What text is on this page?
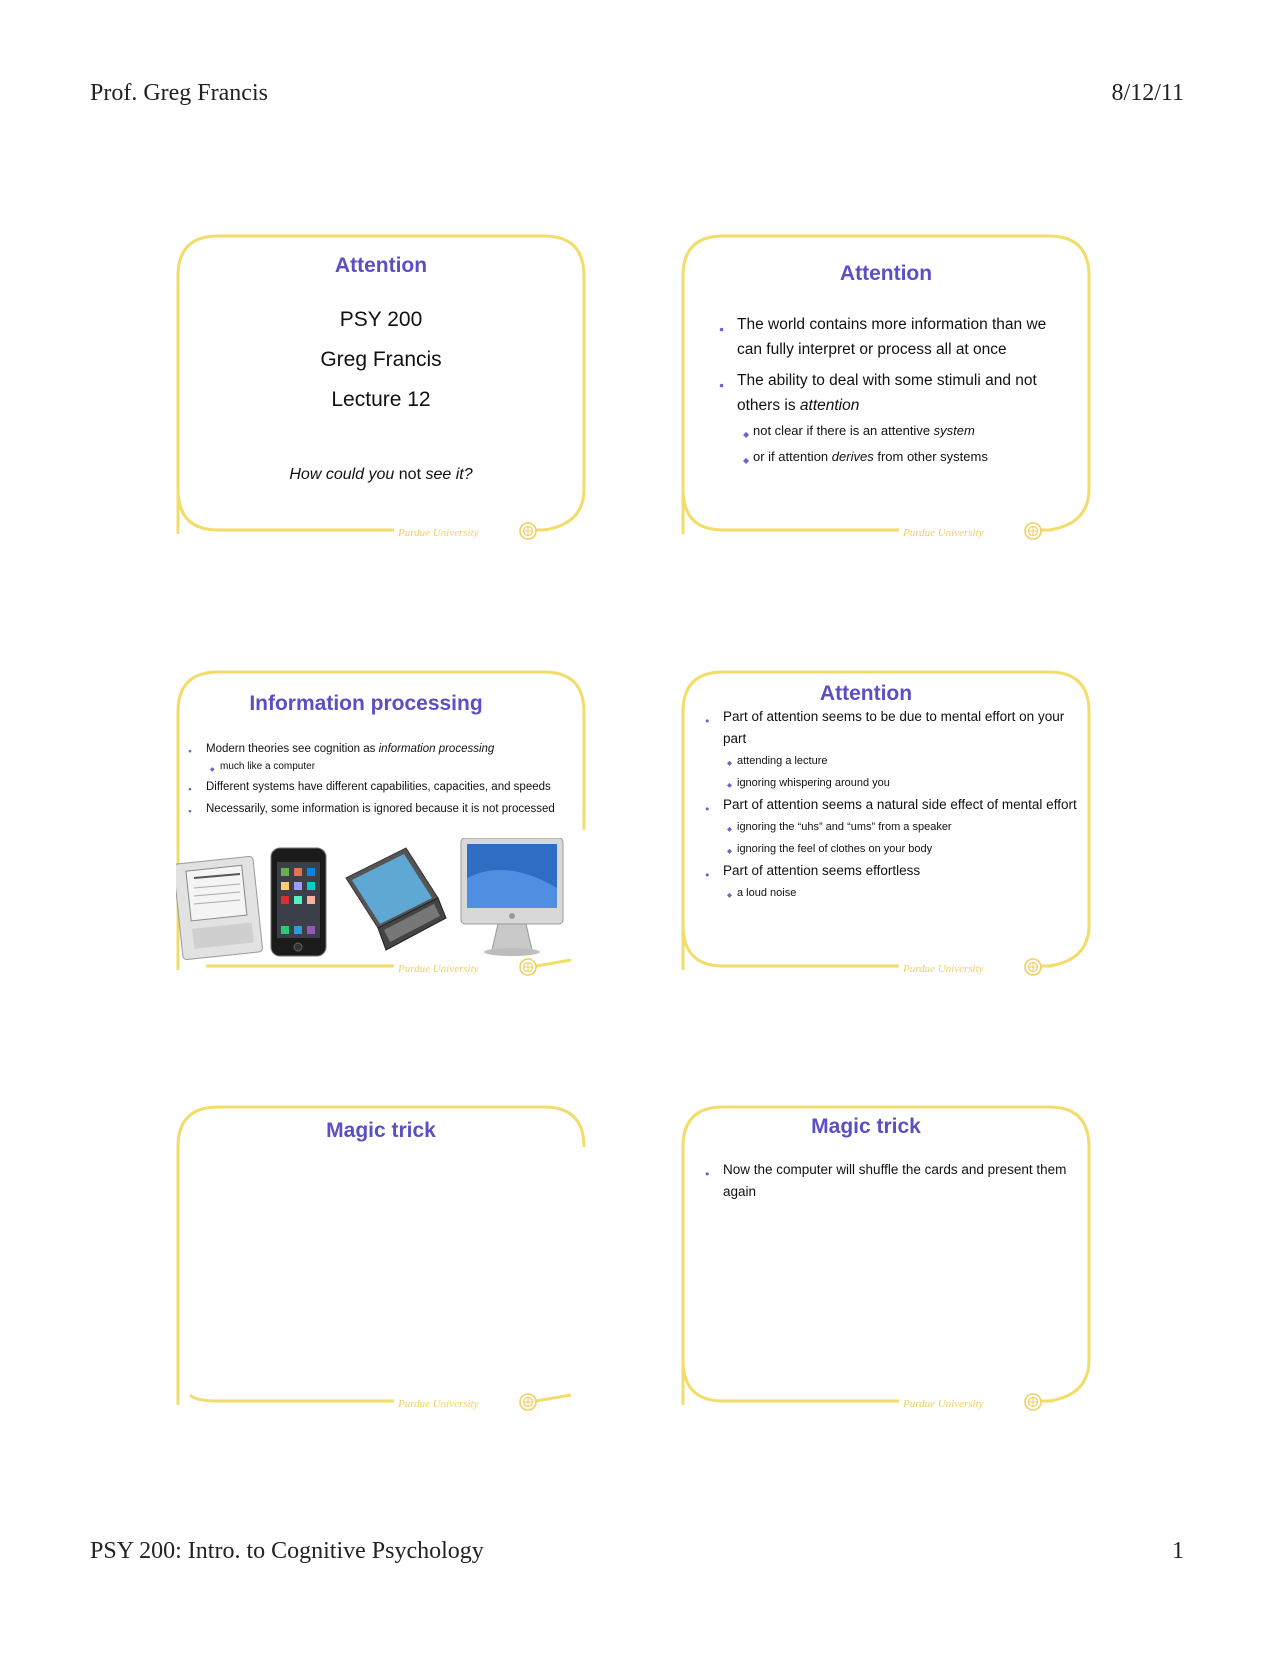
Prof. Greg Francis	8/12/11
PSY 200: Intro. to Cognitive Psychology	1
Attention
PSY 200
Greg Francis
Lecture 12
How could you not see it?
Purdue University
Attention
● The world contains more information than we can fully interpret or process all at once
● The ability to deal with some stimuli and not others is attention
◆ not clear if there is an attentive system
◆ or if attention derives from other systems
Purdue University
Information processing
● Modern theories see cognition as information processing
◆ much like a computer
● Different systems have different capabilities, capacities, and speeds
● Necessarily, some information is ignored because it is not processed
Purdue University
Attention
● Part of attention seems to be due to mental effort on your part
◆ attending a lecture
◆ ignoring whispering around you
● Part of attention seems a natural side effect of mental effort
◆ ignoring the “uhs” and “ums” from a speaker
◆ ignoring the feel of clothes on your body
● Part of attention seems effortless
◆ a loud noise
Purdue University
Magic trick
Purdue University
Magic trick
● Now the computer will shuffle the cards and present them again
Purdue University
